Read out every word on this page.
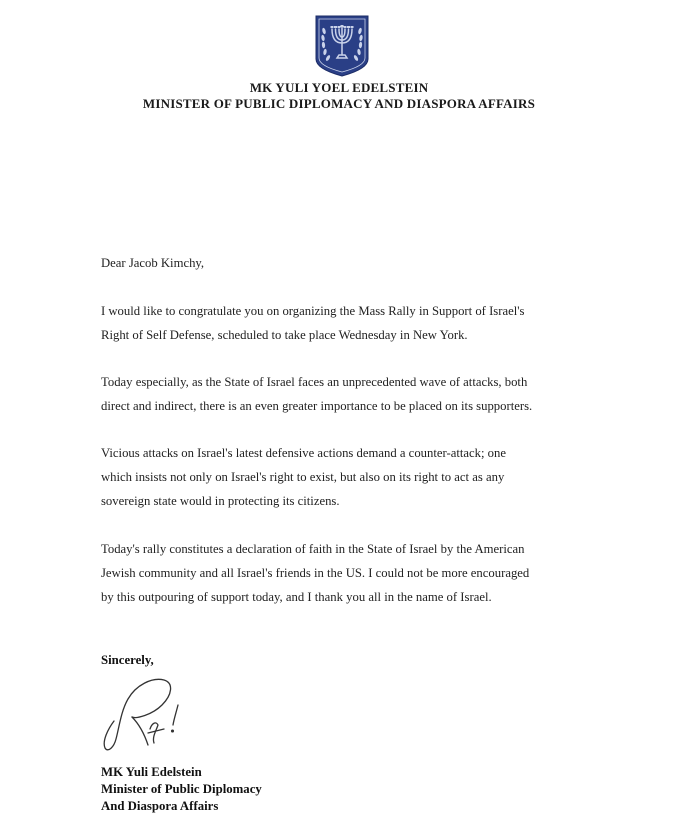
MK YULI YOEL EDELSTEIN
MINISTER OF PUBLIC DIPLOMACY AND DIASPORA AFFAIRS

Dear Jacob Kimchy,

I would like to congratulate you on organizing the Mass Rally in Support of Israel's
Right of Self Defense, scheduled to take place Wednesday in New York.

Today especially, as the State of Israel faces an unprecedented wave of attacks, both
direct and indirect, there is an even greater importance to be placed on its supporters.

Vicious attacks on Israel's latest defensive actions demand a counter-attack; one
which insists not only on Israel's right to exist, but also on its right to act as any
sovereign state would in protecting its citizens.

Today's rally constitutes a declaration of faith in the State of Israel by the American
Jewish community and all Israel's friends in the US. I could not be more encouraged
by this outpouring of support today, and I thank you all in the name of Israel.

Sincerely,
MK Yuli Edelstein
Minister of Public Diplomacy
And Diaspora Affairs
